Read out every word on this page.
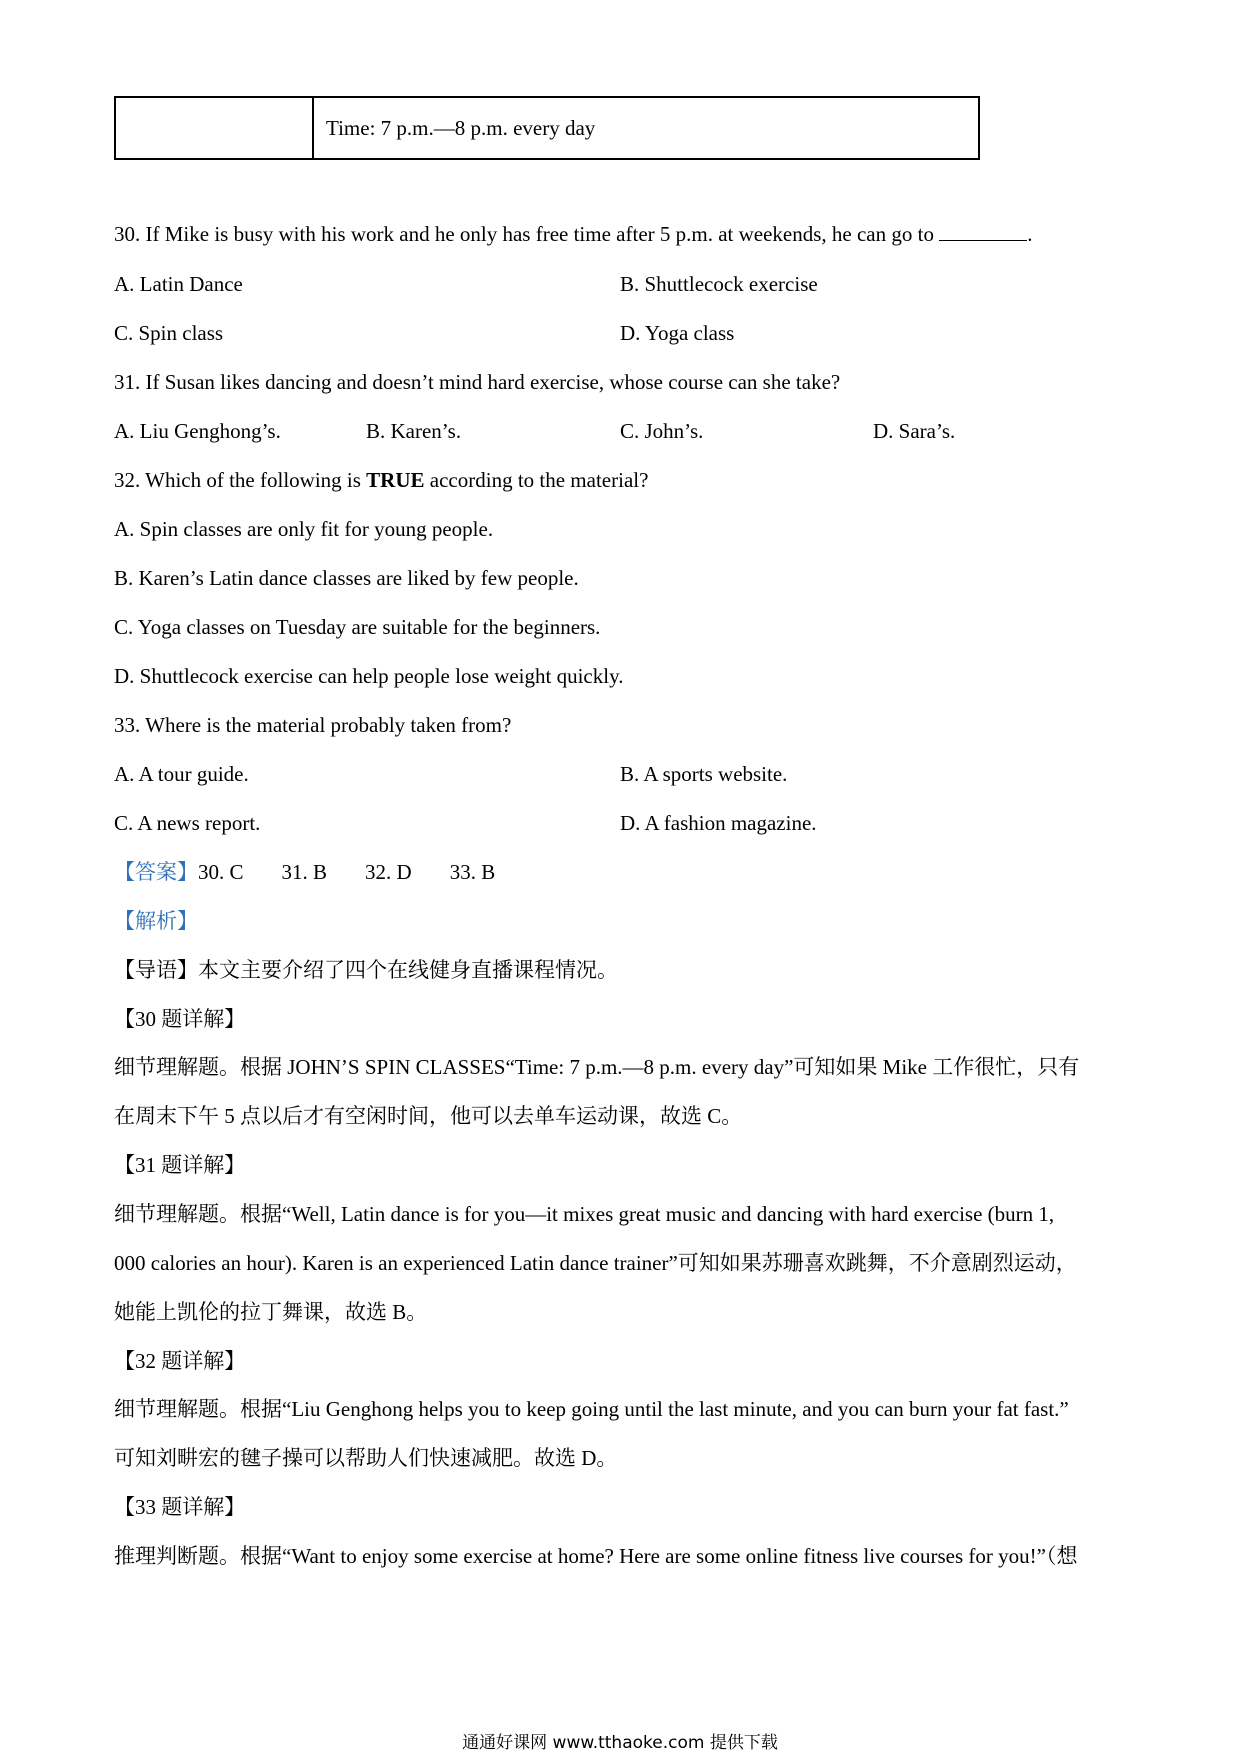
Time: 7 p.m.—8 p.m. every day
30. If Mike is busy with his work and he only has free time after 5 p.m. at weekends, he can go to	.
A. Latin Dance	B. Shuttlecock exercise
C. Spin class	D. Yoga class
31. If Susan likes dancing and doesn’t mind hard exercise, whose course can she take?
A. Liu Genghong’s.	B. Karen’s.	C. John’s.	D. Sara’s.
32. Which of the following is TRUE according to the material?
A. Spin classes are only fit for young people.
B. Karen’s Latin dance classes are liked by few people.
C. Yoga classes on Tuesday are suitable for the beginners.
D. Shuttlecock exercise can help people lose weight quickly.
33. Where is the material probably taken from?
A. A tour guide.	B. A sports website.
C. A news report.	D. A fashion magazine.
【答案】30. C 31. B 32. D 33. B
【解析】
【导语】本文主要介绍了四个在线健身直播课程情况。
【30 题详解】
细节理解题。根据 JOHN’S SPIN CLASSES“Time: 7 p.m.—8 p.m. every day”可知如果 Mike 工作很忙，只有
在周末下午 5 点以后才有空闲时间，他可以去单车运动课，故选 C。
【31 题详解】
细节理解题。根据“Well, Latin dance is for you—it mixes great music and dancing with hard exercise (burn 1,
000 calories an hour). Karen is an experienced Latin dance trainer”可知如果苏珊喜欢跳舞，不介意剧烈运动，
她能上凯伦的拉丁舞课，故选 B。
【32 题详解】
细节理解题。根据“Liu Genghong helps you to keep going until the last minute, and you can burn your fat fast.”
可知刘畊宏的毽子操可以帮助人们快速减肥。故选 D。
【33 题详解】
推理判断题。根据“Want to enjoy some exercise at home? Here are some online fitness live courses for you!”（想
通通好课网 www.tthaoke.com 提供下载
